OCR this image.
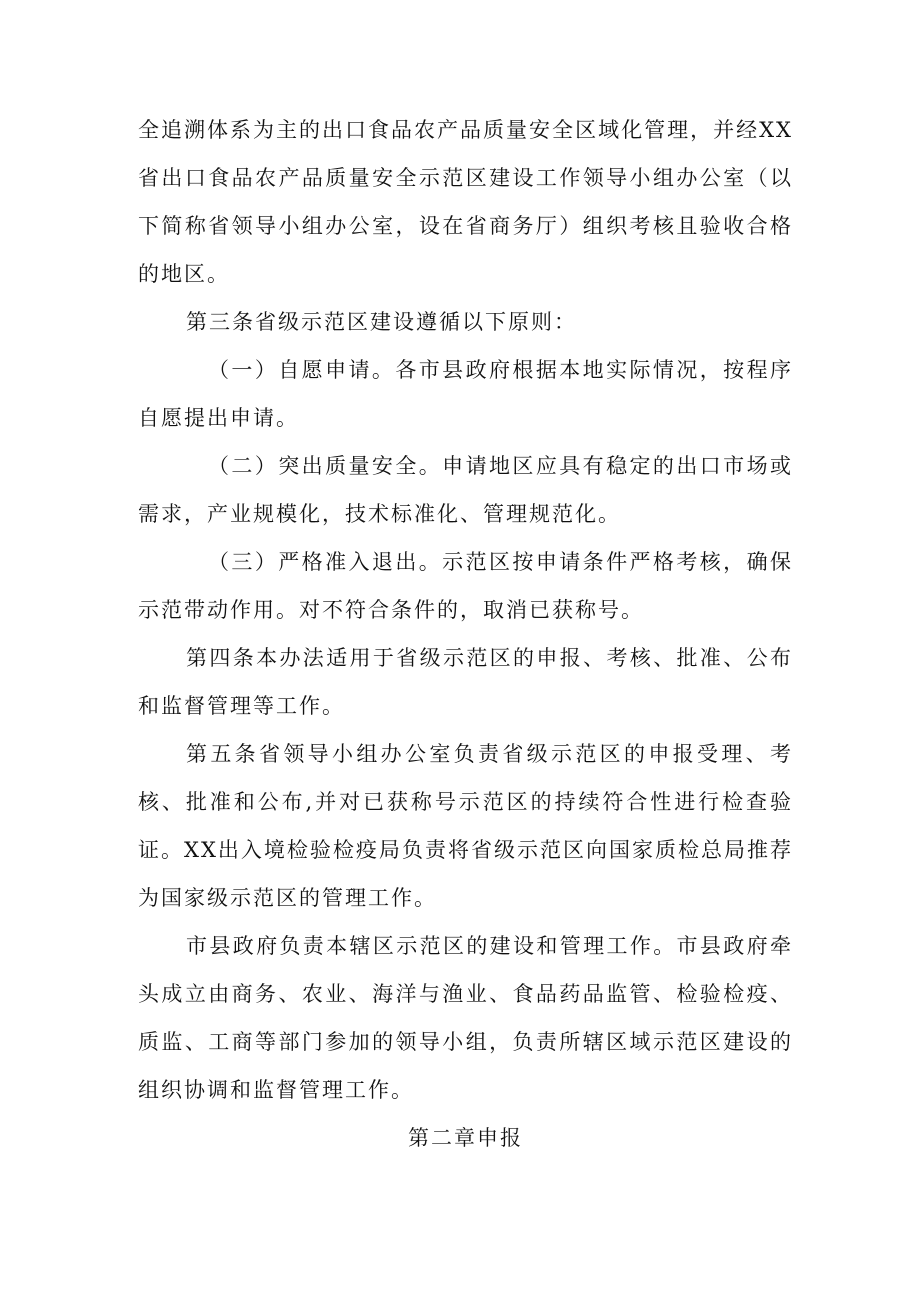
全追溯体系为主的出口食品农产品质量安全区域化管理，并经XX省出口食品农产品质量安全示范区建设工作领导小组办公室（以下简称省领导小组办公室，设在省商务厅）组织考核且验收合格的地区。

第三条省级示范区建设遵循以下原则：

（一）自愿申请。各市县政府根据本地实际情况，按程序自愿提出申请。

（二）突出质量安全。申请地区应具有稳定的出口市场或需求，产业规模化，技术标准化、管理规范化。

（三）严格准入退出。示范区按申请条件严格考核，确保示范带动作用。对不符合条件的，取消已获称号。

第四条本办法适用于省级示范区的申报、考核、批准、公布和监督管理等工作。

第五条省领导小组办公室负责省级示范区的申报受理、考核、批准和公布,并对已获称号示范区的持续符合性进行检查验证。XX出入境检验检疫局负责将省级示范区向国家质检总局推荐为国家级示范区的管理工作。

市县政府负责本辖区示范区的建设和管理工作。市县政府牵头成立由商务、农业、海洋与渔业、食品药品监管、检验检疫、质监、工商等部门参加的领导小组，负责所辖区域示范区建设的组织协调和监督管理工作。

第二章申报
